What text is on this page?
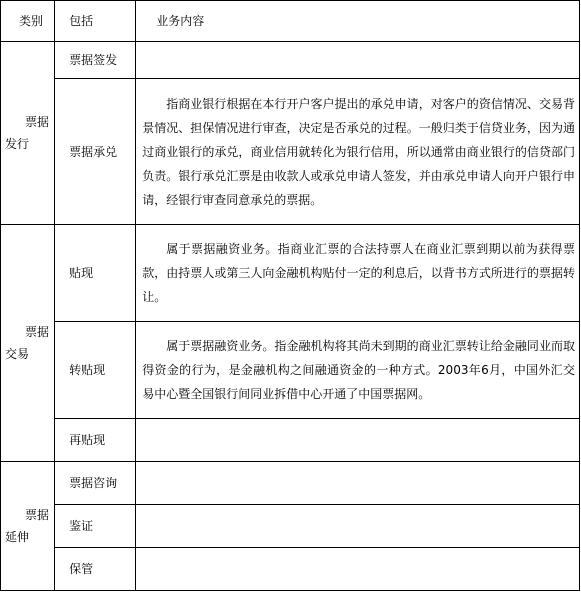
类别	包括	业务内容

票据
发行	票据签发	
	票据承兑	指商业银行根据在本行开户客户提出的承兑申请，对客户的资信情况、交易背景情况、担保情况进行审查，决定是否承兑的过程。一般归类于信贷业务，因为通过商业银行的承兑，商业信用就转化为银行信用，所以通常由商业银行的信贷部门负责。银行承兑汇票是由收款人或承兑申请人签发，并由承兑申请人向开户银行申请，经银行审查同意承兑的票据。

票据
交易	贴现	属于票据融资业务。指商业汇票的合法持票人在商业汇票到期以前为获得票款，由持票人或第三人向金融机构贴付一定的利息后，以背书方式所进行的票据转让。
	转贴现	属于票据融资业务。指金融机构将其尚未到期的商业汇票转让给金融同业而取得资金的行为，是金融机构之间融通资金的一种方式。2003年6月，中国外汇交易中心暨全国银行间同业拆借中心开通了中国票据网。
	再贴现	

票据
延伸	票据咨询	
	鉴证	
	保管	
